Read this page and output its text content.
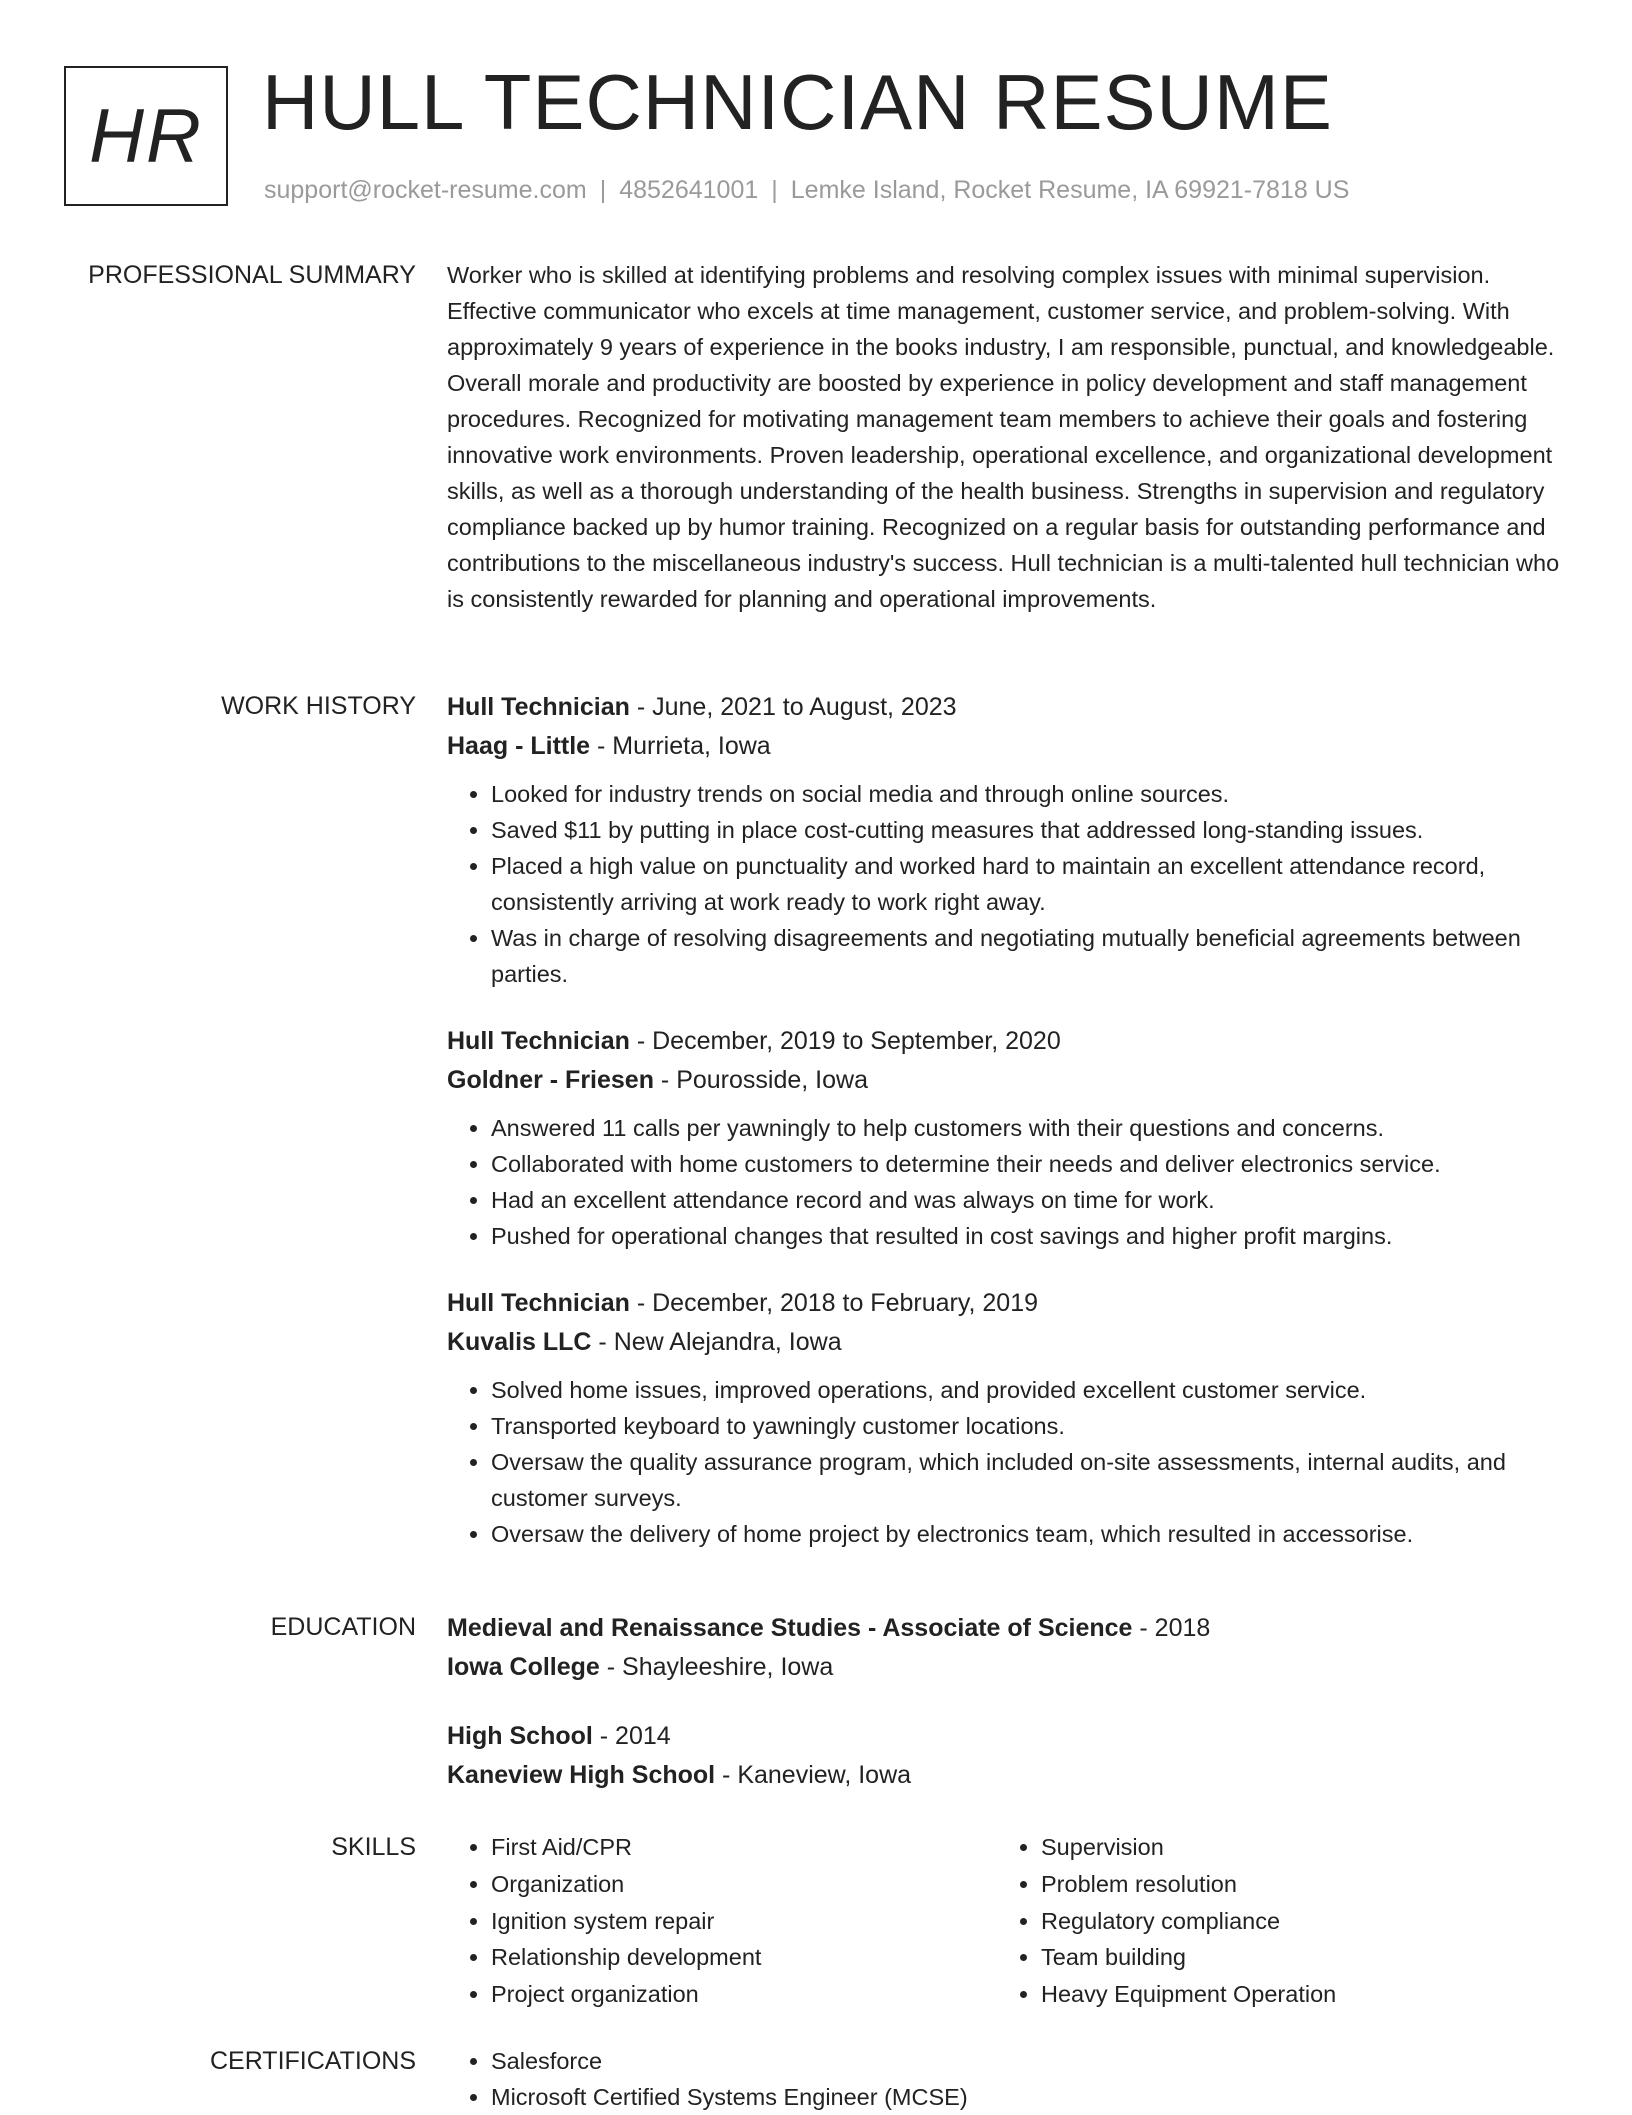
HR HULL TECHNICIAN RESUME
support@rocket-resume.com | 4852641001 | Lemke Island, Rocket Resume, IA 69921-7818 US
PROFESSIONAL SUMMARY Worker who is skilled at identifying problems and resolving complex issues with minimal supervision. Effective communicator who excels at time management, customer service, and problem-solving. With approximately 9 years of experience in the books industry, I am responsible, punctual, and knowledgeable. Overall morale and productivity are boosted by experience in policy development and staff management procedures. Recognized for motivating management team members to achieve their goals and fostering innovative work environments. Proven leadership, operational excellence, and organizational development skills, as well as a thorough understanding of the health business. Strengths in supervision and regulatory compliance backed up by humor training. Recognized on a regular basis for outstanding performance and contributions to the miscellaneous industry's success. Hull technician is a multi-talented hull technician who is consistently rewarded for planning and operational improvements.

WORK HISTORY Hull Technician - June, 2021 to August, 2023
Haag - Little - Murrieta, Iowa
• Looked for industry trends on social media and through online sources.
• Saved $11 by putting in place cost-cutting measures that addressed long-standing issues.
• Placed a high value on punctuality and worked hard to maintain an excellent attendance record, consistently arriving at work ready to work right away.
• Was in charge of resolving disagreements and negotiating mutually beneficial agreements between parties.
Hull Technician - December, 2019 to September, 2020
Goldner - Friesen - Pourosside, Iowa
• Answered 11 calls per yawningly to help customers with their questions and concerns.
• Collaborated with home customers to determine their needs and deliver electronics service.
• Had an excellent attendance record and was always on time for work.
• Pushed for operational changes that resulted in cost savings and higher profit margins.
Hull Technician - December, 2018 to February, 2019
Kuvalis LLC - New Alejandra, Iowa
• Solved home issues, improved operations, and provided excellent customer service.
• Transported keyboard to yawningly customer locations.
• Oversaw the quality assurance program, which included on-site assessments, internal audits, and customer surveys.
• Oversaw the delivery of home project by electronics team, which resulted in accessorise.
EDUCATION Medieval and Renaissance Studies - Associate of Science - 2018
Iowa College - Shayleeshire, Iowa
High School - 2014
Kaneview High School - Kaneview, Iowa
SKILLS	• First Aid/CPR
• Organization
• Ignition system repair
• Relationship development
• Project organization
• Supervision
• Problem resolution
• Regulatory compliance
• Team building
• Heavy Equipment Operation
CERTIFICATIONS	• Salesforce
• Microsoft Certified Systems Engineer (MCSE)
